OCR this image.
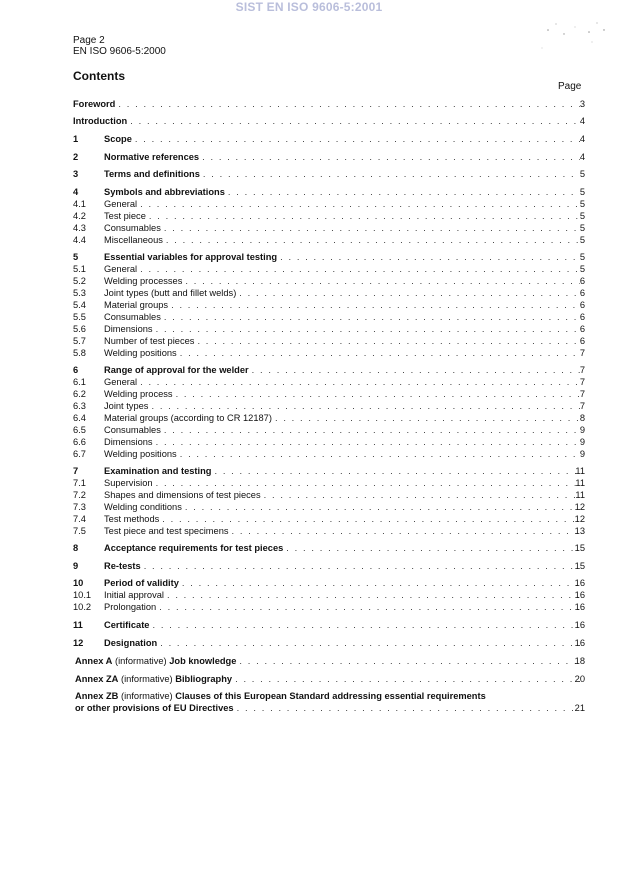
SIST EN ISO 9606-5:2001
Page 2
EN ISO 9606-5:2000
Contents
Page
Foreword . . .	3
Introduction . . .	4
1	Scope . . .	4
2	Normative references . . .	4
3	Terms and definitions . . .	5
4	Symbols and abbreviations . . .	5
4.1 General . . .	5
4.2 Test piece . . .	5
4.3 Consumables . . .	5
4.4 Miscellaneous . . .	5
5	Essential variables for approval testing . . .	5
5.1 General . . .	5
5.2 Welding processes . . .	6
5.3 Joint types (butt and fillet welds) . . .	6
5.4 Material groups . . .	6
5.5 Consumables . . .	6
5.6 Dimensions . . .	6
5.7 Number of test pieces . . .	6
5.8 Welding positions . . .	7
6	Range of approval for the welder . . .	7
6.1 General . . .	7
6.2 Welding process . . .	7
6.3 Joint types . . .	7
6.4 Material groups (according to CR 12187) . . .	8
6.5 Consumables . . .	9
6.6 Dimensions . . .	9
6.7 Welding positions . . .	9
7	Examination and testing . . .	11
7.1 Supervision . . .	11
7.2 Shapes and dimensions of test pieces . . .	11
7.3 Welding conditions . . .	12
7.4 Test methods . . .	12
7.5 Test piece and test specimens . . .	13
8	Acceptance requirements for test pieces . . .	15
9	Re-tests . . .	15
10 Period of validity . . .	16
10.1 Initial approval . . .	16
10.2 Prolongation . . .	16
11 Certificate . . .	16
12 Designation . . .	16
Annex A (informative) Job knowledge . . .	18
Annex ZA (informative) Bibliography . . .	20
Annex ZB (informative) Clauses of this European Standard addressing essential requirements
or other provisions of EU Directives . . .	21
